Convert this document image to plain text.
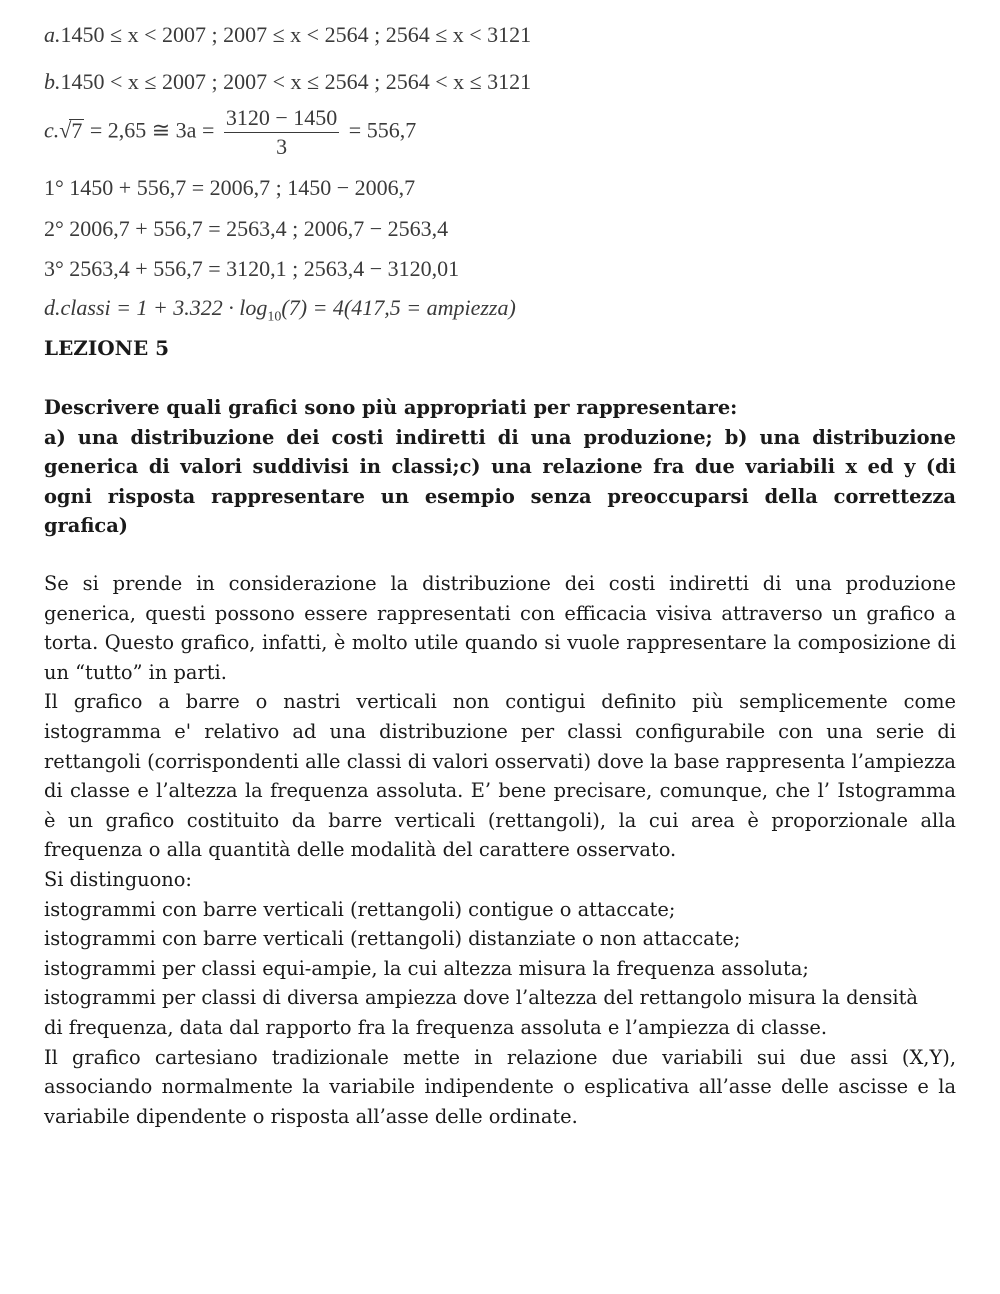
a.1450 ≤ x < 2007 ; 2007 ≤ x < 2564 ; 2564 ≤ x < 3121
b.1450 < x ≤ 2007 ; 2007 < x ≤ 2564 ; 2564 < x ≤ 3121
c.√7 = 2,65 ≅ $3a = \frac{3120 - 1450}{3} = 556,7$
1° 1450 + 556,7 = 2006,7 ; 1450 − 2006,7
2° 2006,7 + 556,7 = 2563,4 ; 2006,7 − 2563,4
3° 2563,4 + 556,7 = 3120,1 ; 2563,4 − 3120,01
d.classi = $1 + 3.322 \cdot \log_{10}(7) = 4(417,5$ = ampiezza)
LEZIONE 5

Descrivere quali grafici sono più appropriati per rappresentare:

a) una distribuzione dei costi indiretti di una produzione; b) una distribuzione generica di valori suddivisi in classi;c) una relazione fra due variabili x ed y (di ogni risposta rappresentare un esempio senza preoccuparsi della correttezza grafica)

Se si prende in considerazione la distribuzione dei costi indiretti di una produzione generica, questi possono essere rappresentati con efficacia visiva attraverso un grafico a torta. Questo grafico, infatti, è molto utile quando si vuole rappresentare la composizione di un “tutto” in parti.

Il grafico a barre o nastri verticali non contigui definito più semplicemente come istogramma e' relativo ad una distribuzione per classi configurabile con una serie di rettangoli (corrispondenti alle classi di valori osservati) dove la base rappresenta l’ampiezza di classe e l’altezza la frequenza assoluta. E’ bene precisare, comunque, che l’ Istogramma è un grafico costituito da barre verticali (rettangoli), la cui area è proporzionale alla frequenza o alla quantità delle modalità del carattere osservato.

Si distinguono:

istogrammi con barre verticali (rettangoli) contigue o attaccate;

istogrammi con barre verticali (rettangoli) distanziate o non attaccate;

istogrammi per classi equi-ampie, la cui altezza misura la frequenza assoluta;

istogrammi per classi di diversa ampiezza dove l’altezza del rettangolo misura la densità

di frequenza, data dal rapporto fra la frequenza assoluta e l’ampiezza di classe.

Il grafico cartesiano tradizionale mette in relazione due variabili sui due assi (X,Y), associando normalmente la variabile indipendente o esplicativa all’asse delle ascisse e la variabile dipendente o risposta all’asse delle ordinate.
